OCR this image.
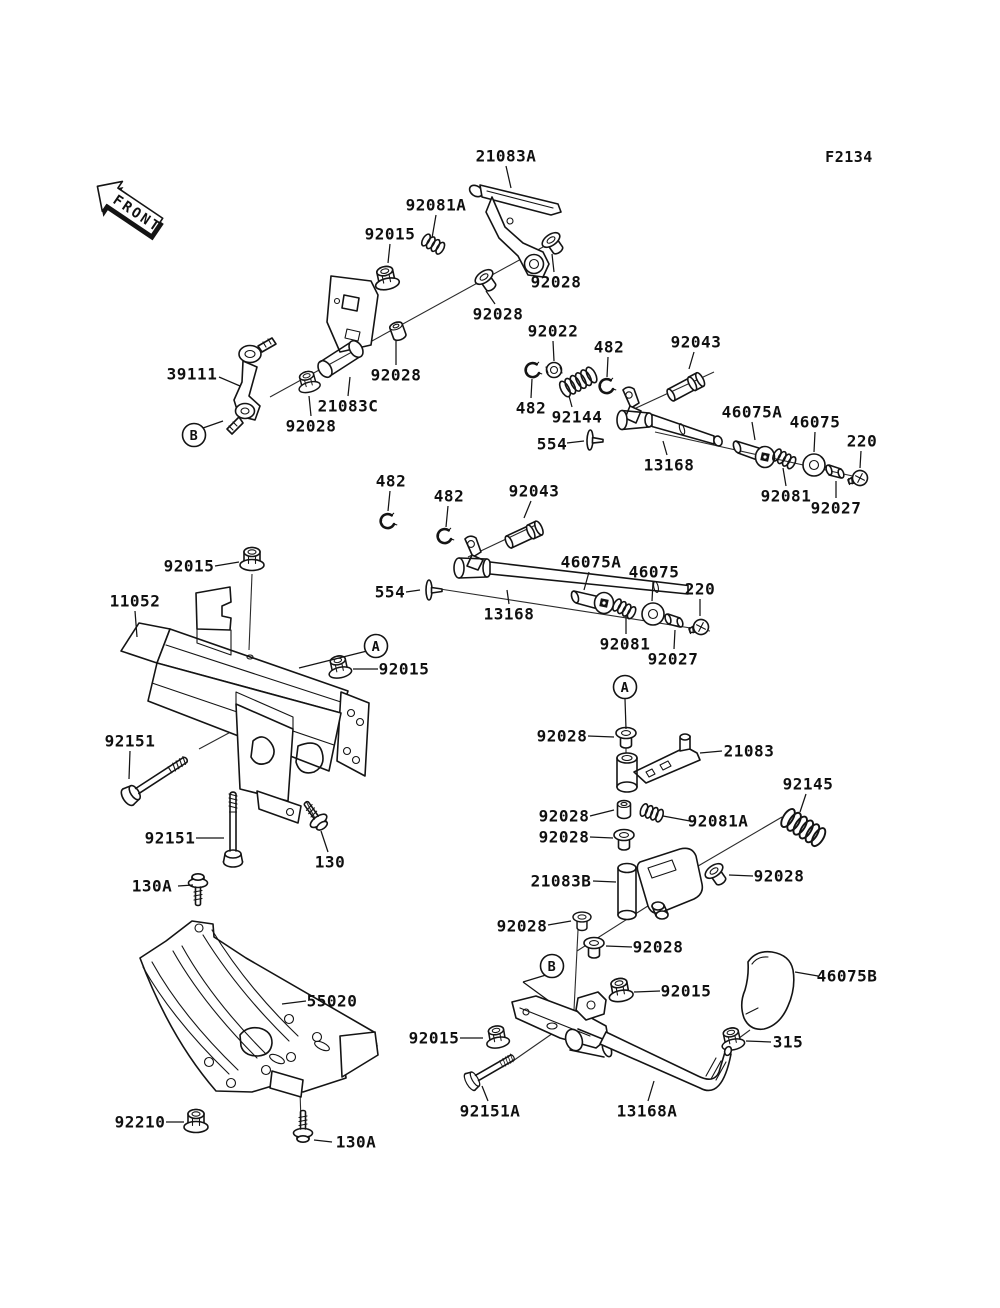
FRONT
F2134
21083A
92081A
92015
92028
92028
92022
482	92043
39111
21083C
92028
92028
482 92144
554
13168
46075A
46075
220
92081
92027
482
482	92043
92015
11052	554
13168
46075A
46075
220
92081
92027
92015
92151
92151
130
130A
55020
92210
130A
92028
21083
92145
92028	92081A
92028
21083B	92028
92028
92028
92015
46075B
315
92015
92151A	13168A
B
A
A
B
